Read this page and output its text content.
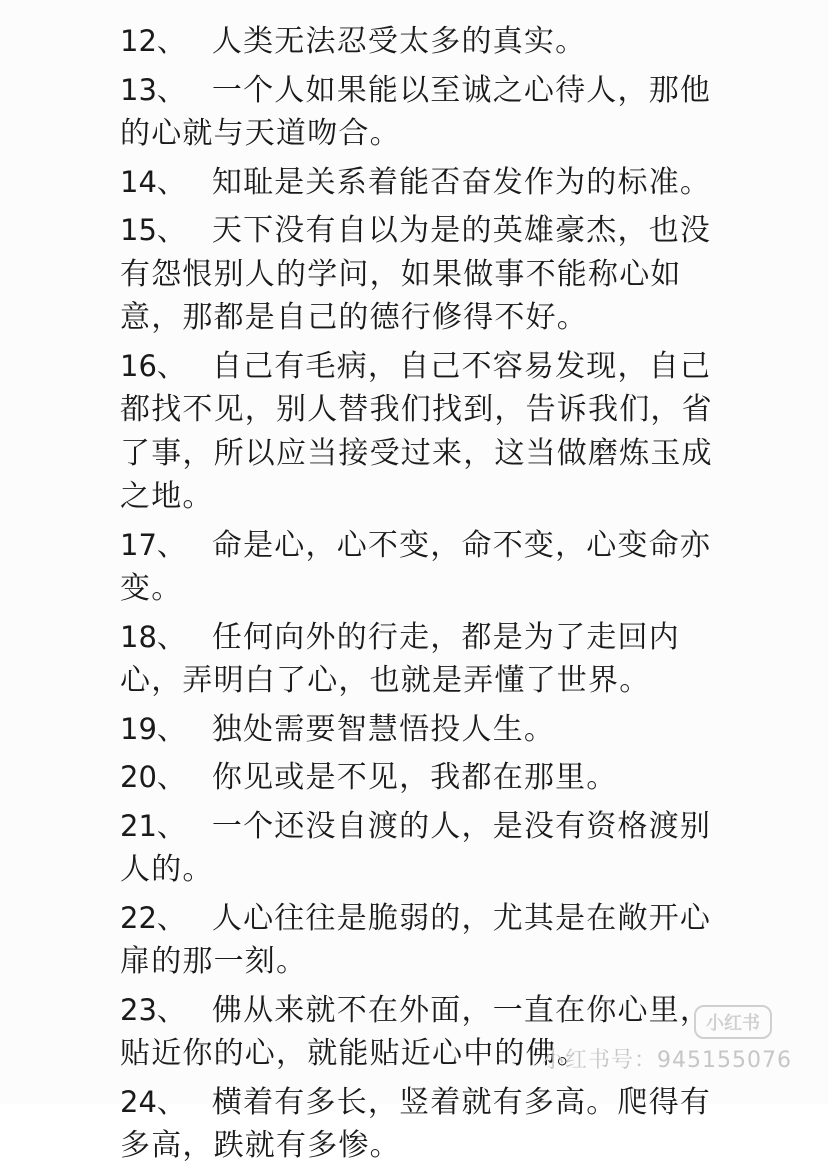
12、 人类无法忍受太多的真实。
13、 一个人如果能以至诚之心待人，那他的心就与天道吻合。
14、 知耻是关系着能否奋发作为的标准。
15、 天下没有自以为是的英雄豪杰，也没有怨恨别人的学问，如果做事不能称心如意，那都是自己的德行修得不好。
16、 自己有毛病，自己不容易发现，自己都找不见，别人替我们找到，告诉我们，省了事，所以应当接受过来，这当做磨炼玉成之地。
17、 命是心，心不变，命不变，心变命亦变。
18、 任何向外的行走，都是为了走回内心，弄明白了心，也就是弄懂了世界。
19、 独处需要智慧悟投人生。
20、 你见或是不见，我都在那里。
21、 一个还没自渡的人，是没有资格渡别人的。
22、 人心往往是脆弱的，尤其是在敞开心扉的那一刻。
23、 佛从来就不在外面，一直在你心里，贴近你的心，就能贴近心中的佛。
24、 横着有多长，竖着就有多高。爬得有多高，跌就有多惨。
小红书
小红书号：945155076
